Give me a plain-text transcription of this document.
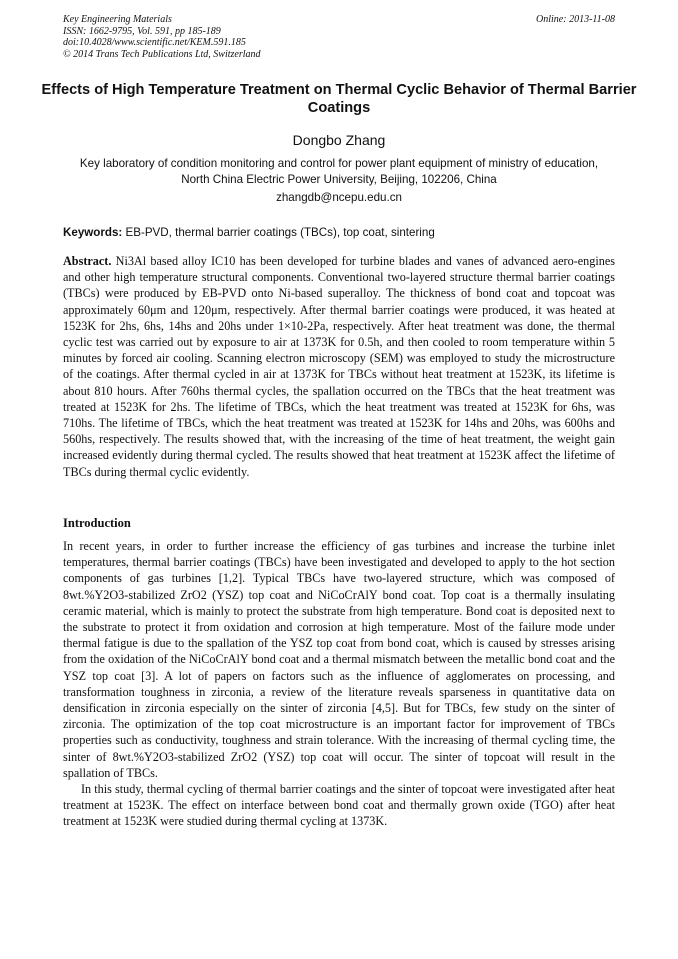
Key Engineering Materials
ISSN: 1662-9795, Vol. 591, pp 185-189
doi:10.4028/www.scientific.net/KEM.591.185
© 2014 Trans Tech Publications Ltd, Switzerland
Online: 2013-11-08
Effects of High Temperature Treatment on Thermal Cyclic Behavior of Thermal Barrier Coatings
Dongbo Zhang
Key laboratory of condition monitoring and control for power plant equipment of ministry of education,
North China Electric Power University, Beijing, 102206, China
zhangdb@ncepu.edu.cn
Keywords: EB-PVD, thermal barrier coatings (TBCs), top coat, sintering
Abstract. Ni3Al based alloy IC10 has been developed for turbine blades and vanes of advanced aero-engines and other high temperature structural components. Conventional two-layered structure thermal barrier coatings (TBCs) were produced by EB-PVD onto Ni-based superalloy. The thickness of bond coat and topcoat was approximately 60μm and 120μm, respectively. After thermal barrier coatings were produced, it was heated at 1523K for 2hs, 6hs, 14hs and 20hs under 1×10-2Pa, respectively. After heat treatment was done, the thermal cyclic test was carried out by exposure to air at 1373K for 0.5h, and then cooled to room temperature within 5 minutes by forced air cooling. Scanning electron microscopy (SEM) was employed to study the microstructure of the coatings. After thermal cycled in air at 1373K for TBCs without heat treatment at 1523K, its lifetime is about 810 hours. After 760hs thermal cycles, the spallation occurred on the TBCs that the heat treatment was treated at 1523K for 2hs. The lifetime of TBCs, which the heat treatment was treated at 1523K for 6hs, was 710hs. The lifetime of TBCs, which the heat treatment was treated at 1523K for 14hs and 20hs, was 600hs and 560hs, respectively. The results showed that, with the increasing of the time of heat treatment, the weight gain increased evidently during thermal cycled. The results showed that heat treatment at 1523K affect the lifetime of TBCs during thermal cyclic evidently.
Introduction

In recent years, in order to further increase the efficiency of gas turbines and increase the turbine inlet temperatures, thermal barrier coatings (TBCs) have been investigated and developed to apply to the hot section components of gas turbines [1,2]. Typical TBCs have two-layered structure, which was composed of 8wt.%Y2O3-stabilized ZrO2 (YSZ) top coat and NiCoCrAlY bond coat. Top coat is a thermally insulating ceramic material, which is mainly to protect the substrate from high temperature. Bond coat is deposited next to the substrate to protect it from oxidation and corrosion at high temperature. Most of the failure mode under thermal fatigue is due to the spallation of the YSZ top coat from bond coat, which is caused by stresses arising from the oxidation of the NiCoCrAlY bond coat and a thermal mismatch between the metallic bond coat and the YSZ top coat [3]. A lot of papers on factors such as the influence of agglomerates on processing, and transformation toughness in zirconia, a review of the literature reveals sparseness in quantitative data on densification in zirconia especially on the sinter of zirconia [4,5]. But for TBCs, few study on the sinter of zirconia. The optimization of the top coat microstructure is an important factor for improvement of TBCs properties such as conductivity, toughness and strain tolerance. With the increasing of thermal cycling time, the sinter of 8wt.%Y2O3-stabilized ZrO2 (YSZ) top coat will occur. The sinter of topcoat will result in the spallation of TBCs.

In this study, thermal cycling of thermal barrier coatings and the sinter of topcoat were investigated after heat treatment at 1523K. The effect on interface between bond coat and thermally grown oxide (TGO) after heat treatment at 1523K were studied during thermal cycling at 1373K.
